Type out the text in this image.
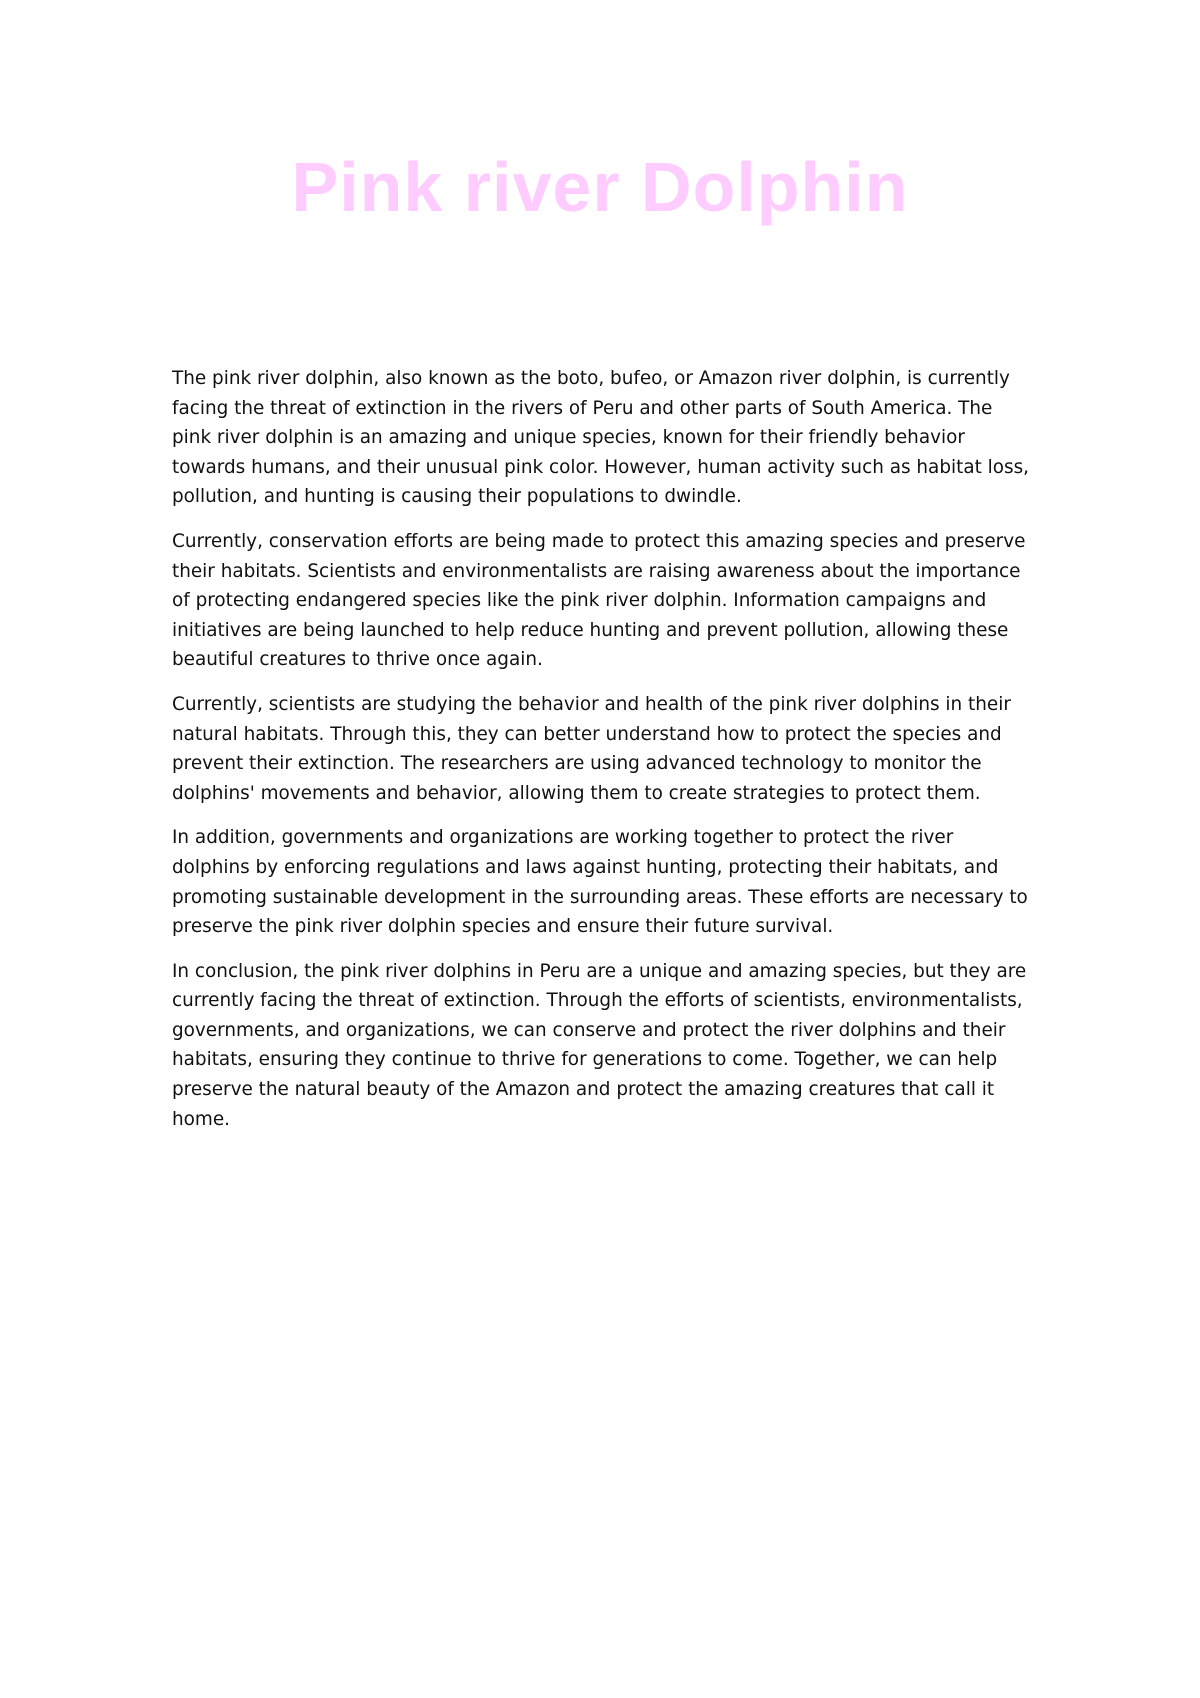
Pink river Dolphin

The pink river dolphin, also known as the boto, bufeo, or Amazon river dolphin, is currently facing the threat of extinction in the rivers of Peru and other parts of South America. The pink river dolphin is an amazing and unique species, known for their friendly behavior towards humans, and their unusual pink color. However, human activity such as habitat loss, pollution, and hunting is causing their populations to dwindle.

Currently, conservation efforts are being made to protect this amazing species and preserve their habitats. Scientists and environmentalists are raising awareness about the importance of protecting endangered species like the pink river dolphin. Information campaigns and initiatives are being launched to help reduce hunting and prevent pollution, allowing these beautiful creatures to thrive once again.

Currently, scientists are studying the behavior and health of the pink river dolphins in their natural habitats. Through this, they can better understand how to protect the species and prevent their extinction. The researchers are using advanced technology to monitor the dolphins' movements and behavior, allowing them to create strategies to protect them.

In addition, governments and organizations are working together to protect the river dolphins by enforcing regulations and laws against hunting, protecting their habitats, and promoting sustainable development in the surrounding areas. These efforts are necessary to preserve the pink river dolphin species and ensure their future survival.

In conclusion, the pink river dolphins in Peru are a unique and amazing species, but they are currently facing the threat of extinction. Through the efforts of scientists, environmentalists, governments, and organizations, we can conserve and protect the river dolphins and their habitats, ensuring they continue to thrive for generations to come. Together, we can help preserve the natural beauty of the Amazon and protect the amazing creatures that call it home.
